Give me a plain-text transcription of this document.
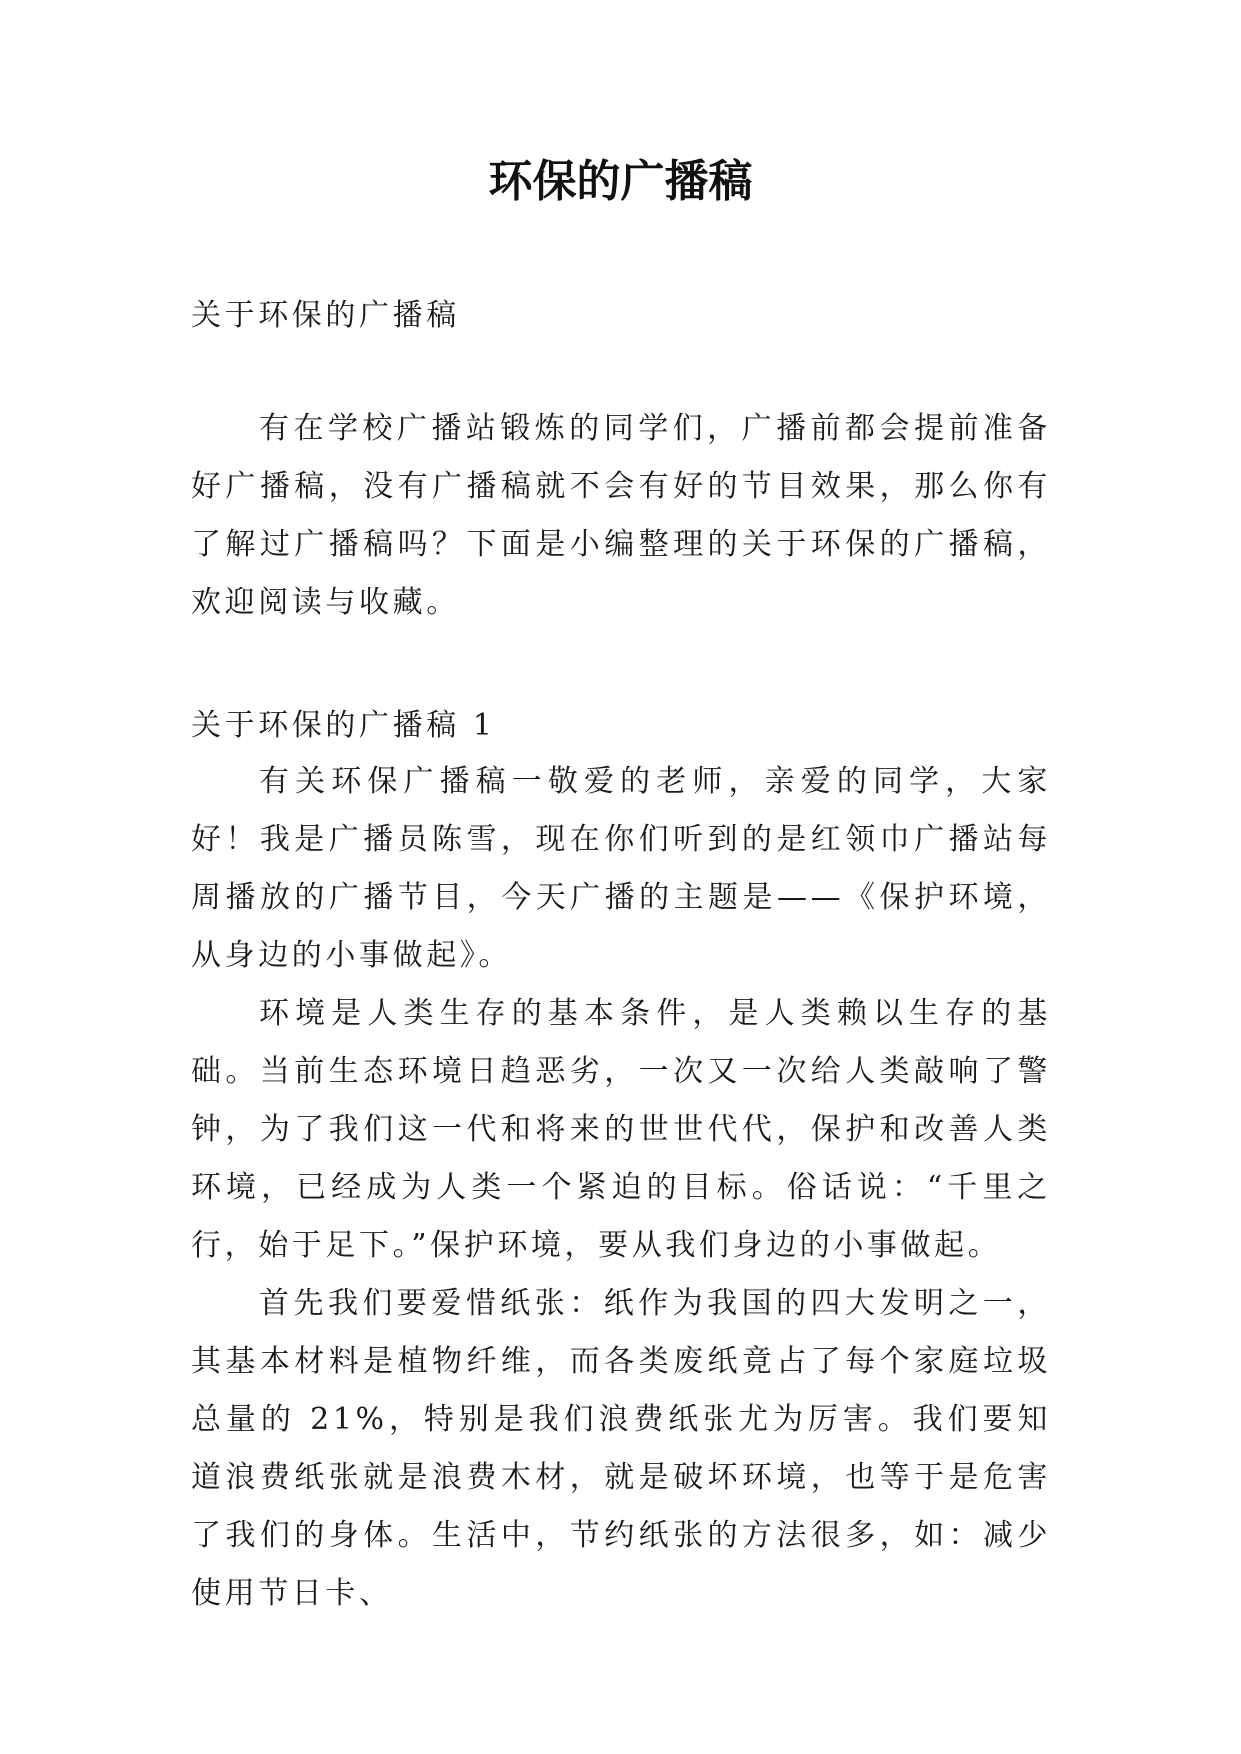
环保的广播稿

关于环保的广播稿

有在学校广播站锻炼的同学们，广播前都会提前准备好广播稿，没有广播稿就不会有好的节目效果，那么你有了解过广播稿吗？下面是小编整理的关于环保的广播稿，欢迎阅读与收藏。

关于环保的广播稿 1

有关环保广播稿一敬爱的老师，亲爱的同学，大家好！我是广播员陈雪，现在你们听到的是红领巾广播站每周播放的广播节目，今天广播的主题是——《保护环境，从身边的小事做起》。

环境是人类生存的基本条件，是人类赖以生存的基础。当前生态环境日趋恶劣，一次又一次给人类敲响了警钟，为了我们这一代和将来的世世代代，保护和改善人类环境，已经成为人类一个紧迫的目标。俗话说：“千里之行，始于足下。”保护环境，要从我们身边的小事做起。

首先我们要爱惜纸张：纸作为我国的四大发明之一，其基本材料是植物纤维，而各类废纸竟占了每个家庭垃圾总量的 21%，特别是我们浪费纸张尤为厉害。我们要知道浪费纸张就是浪费木材，就是破坏环境，也等于是危害了我们的身体。生活中，节约纸张的方法很多，如：减少使用节日卡、
